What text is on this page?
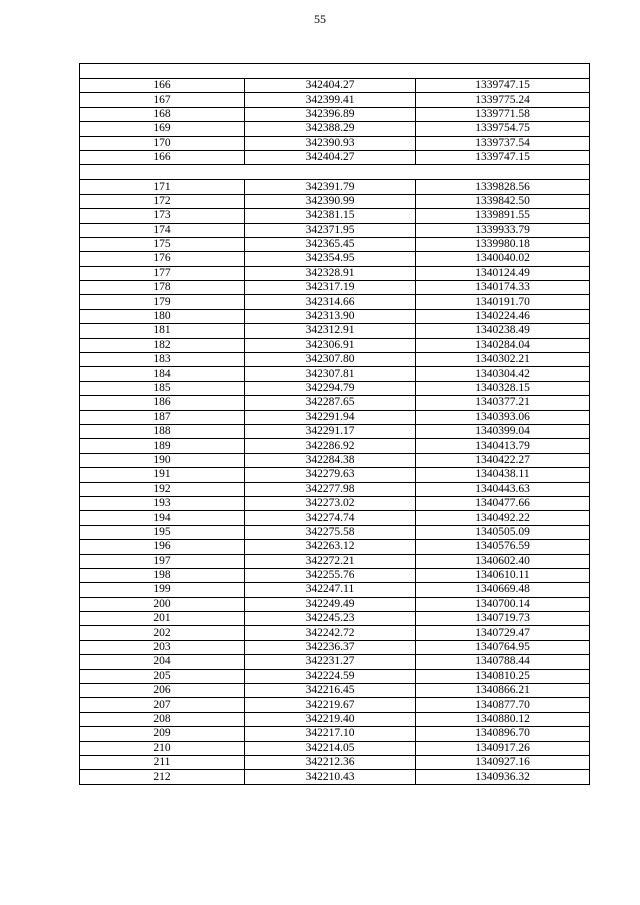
55

166	342404.27	1339747.15
167	342399.41	1339775.24
168	342396.89	1339771.58
169	342388.29	1339754.75
170	342390.93	1339737.54
166	342404.27	1339747.15

171	342391.79	1339828.56
172	342390.99	1339842.50
173	342381.15	1339891.55
174	342371.95	1339933.79
175	342365.45	1339980.18
176	342354.95	1340040.02
177	342328.91	1340124.49
178	342317.19	1340174.33
179	342314.66	1340191.70
180	342313.90	1340224.46
181	342312.91	1340238.49
182	342306.91	1340284.04
183	342307.80	1340302.21
184	342307.81	1340304.42
185	342294.79	1340328.15
186	342287.65	1340377.21
187	342291.94	1340393.06
188	342291.17	1340399.04
189	342286.92	1340413.79
190	342284.38	1340422.27
191	342279.63	1340438.11
192	342277.98	1340443.63
193	342273.02	1340477.66
194	342274.74	1340492.22
195	342275.58	1340505.09
196	342263.12	1340576.59
197	342272.21	1340602.40
198	342255.76	1340610.11
199	342247.11	1340669.48
200	342249.49	1340700.14
201	342245.23	1340719.73
202	342242.72	1340729.47
203	342236.37	1340764.95
204	342231.27	1340788.44
205	342224.59	1340810.25
206	342216.45	1340866.21
207	342219.67	1340877.70
208	342219.40	1340880.12
209	342217.10	1340896.70
210	342214.05	1340917.26
211	342212.36	1340927.16
212	342210.43	1340936.32
